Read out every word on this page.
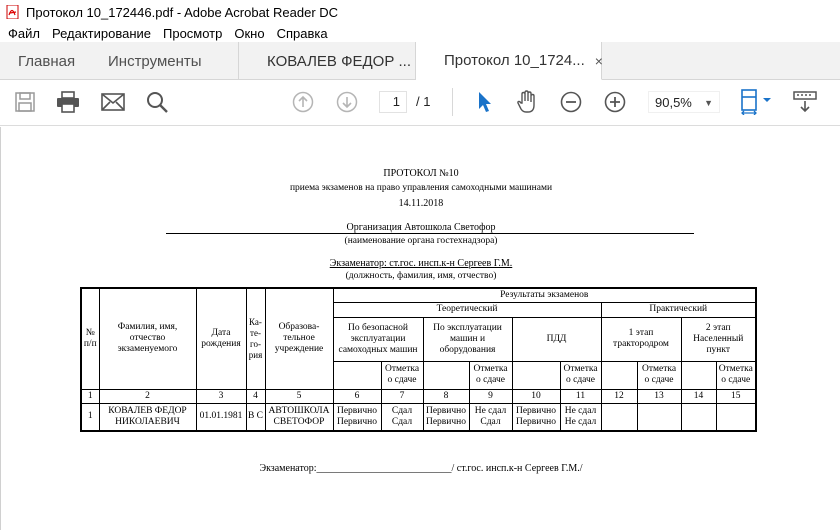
Протокол 10_172446.pdf - Adobe Acrobat Reader DC
Файл Редактирование Просмотр Окно Справка
Главная Инструменты	КОВАЛЕВ ФЕДОР ... Протокол 10_1724... ×
1	/ 1	90,5% ▼
ПРОТОКОЛ №10
приема экзаменов на право управления самоходными машинами
14.11.2018
Организация Автошкола Светофор
(наименование органа гостехнадзора)
Экзаменатор: ст.гос. инсп.к-н Сергеев Г.М.
(должность, фамилия, имя, отчество)
№ п/п	Фамилия, имя, отчество экзаменуемого	Дата рождения	Ка- те- го- рия	Образова- тельное учреждение	Результаты экзаменов									
					Теоретический						Практический			
					По безопасной эксплуатации самоходных машин		По эксплуатации машин и оборудования		ПДД		1 этап трактородром		2 этап Населенный пункт	
						Отметка о сдаче		Отметка о сдаче		Отметка о сдаче		Отметка о сдаче		Отметка о сдаче
1	2	3	4	5	6	7	8	9	10	11	12	13	14	15
1	КОВАЛЕВ ФЕДОР НИКОЛАЕВИЧ	01.01.1981	В С	АВТОШКОЛА СВЕТОФОР	Первично Первично	Сдал Сдал	Первично Первично	Не сдал Сдал	Первично Первично	Не сдал Не сдал				
Экзаменатор:___________________________/ ст.гос. инсп.к-н Сергеев Г.М./
